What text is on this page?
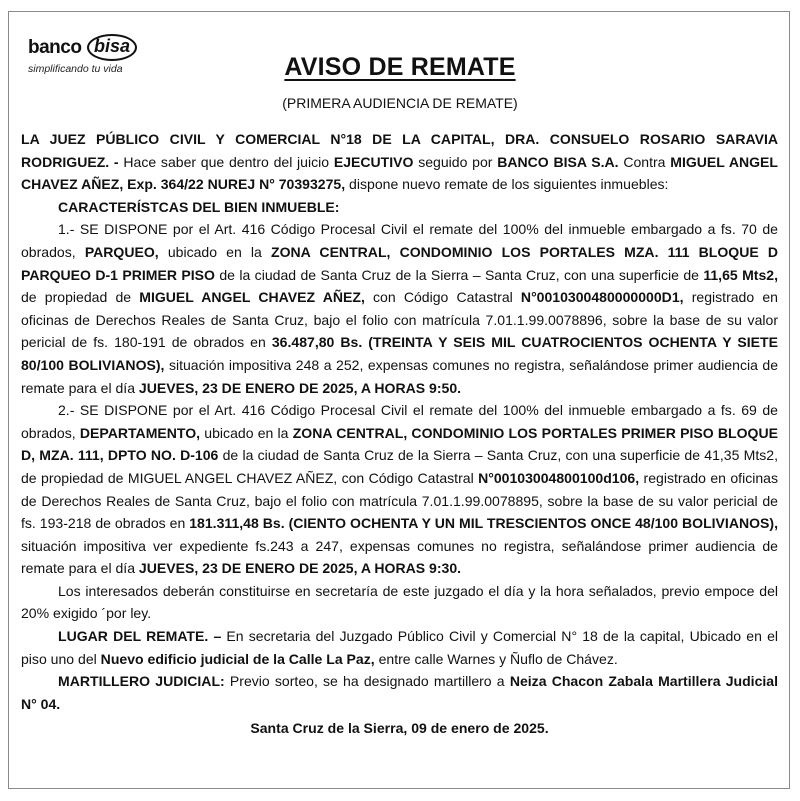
banco bisa
simplificando tu vida	AVISO DE REMATE
(PRIMERA AUDIENCIA DE REMATE)

LA JUEZ PÚBLICO CIVIL Y COMERCIAL N°18 DE LA CAPITAL, DRA. CONSUELO ROSARIO SARAVIA RODRIGUEZ. - Hace saber que dentro del juicio EJECUTIVO seguido por BANCO BISA S.A. Contra MIGUEL ANGEL CHAVEZ AÑEZ, Exp. 364/22 NUREJ N° 70393275, dispone nuevo remate de los siguientes inmuebles:

CARACTERÍSTCAS DEL BIEN INMUEBLE:

1.- SE DISPONE por el Art. 416 Código Procesal Civil el remate del 100% del inmueble embargado a fs. 70 de obrados, PARQUEO, ubicado en la ZONA CENTRAL, CONDOMINIO LOS PORTALES MZA. 111 BLOQUE D PARQUEO D-1 PRIMER PISO de la ciudad de Santa Cruz de la Sierra – Santa Cruz, con una superficie de 11,65 Mts2, de propiedad de MIGUEL ANGEL CHAVEZ AÑEZ, con Código Catastral N°0010300480000000D1, registrado en oficinas de Derechos Reales de Santa Cruz, bajo el folio con matrícula 7.01.1.99.0078896, sobre la base de su valor pericial de fs. 180-191 de obrados en 36.487,80 Bs. (TREINTA Y SEIS MIL CUATROCIENTOS OCHENTA Y SIETE 80/100 BOLIVIANOS), situación impositiva 248 a 252, expensas comunes no registra, señalándose primer audiencia de remate para el día JUEVES, 23 DE ENERO DE 2025, A HORAS 9:50.

2.- SE DISPONE por el Art. 416 Código Procesal Civil el remate del 100% del inmueble embargado a fs. 69 de obrados, DEPARTAMENTO, ubicado en la ZONA CENTRAL, CONDOMINIO LOS PORTALES PRIMER PISO BLOQUE D, MZA. 111, DPTO NO. D-106 de la ciudad de Santa Cruz de la Sierra – Santa Cruz, con una superficie de 41,35 Mts2, de propiedad de MIGUEL ANGEL CHAVEZ AÑEZ, con Código Catastral N°00103004800100d106, registrado en oficinas de Derechos Reales de Santa Cruz, bajo el folio con matrícula 7.01.1.99.0078895, sobre la base de su valor pericial de fs. 193-218 de obrados en 181.311,48 Bs. (CIENTO OCHENTA Y UN MIL TRESCIENTOS ONCE 48/100 BOLIVIANOS), situación impositiva ver expediente fs.243 a 247, expensas comunes no registra, señalándose primer audiencia de remate para el día JUEVES, 23 DE ENERO DE 2025, A HORAS 9:30.

Los interesados deberán constituirse en secretaría de este juzgado el día y la hora señalados, previo empoce del 20% exigido ´por ley.

LUGAR DEL REMATE. – En secretaria del Juzgado Público Civil y Comercial N° 18 de la capital, Ubicado en el piso uno del Nuevo edificio judicial de la Calle La Paz, entre calle Warnes y Ñuflo de Chávez.

MARTILLERO JUDICIAL: Previo sorteo, se ha designado martillero a Neiza Chacon Zabala Martillera Judicial N° 04.

Santa Cruz de la Sierra, 09 de enero de 2025.
